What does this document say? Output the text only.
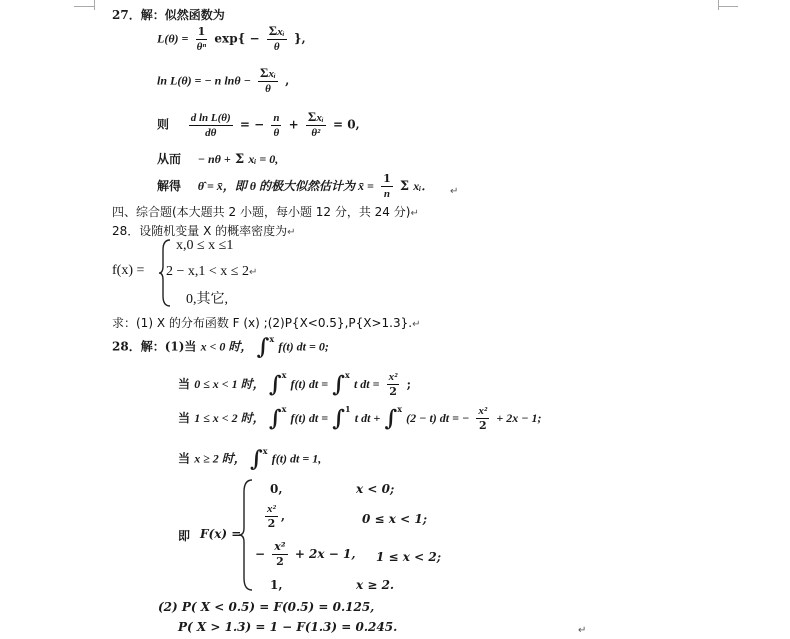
27．解：似然函数为
$L(\theta) = \frac{1}{\text{θⁿ}} \exp\{ - \frac{\text{Σxᵢ}}{\theta}$ },
ln L(θ) = − n $\ln\theta - \frac{\text{Σxᵢ}}{\theta}$ ,
则 $\frac{\text{d ln L(θ)}}{d\theta}$ = − $\frac{n}{\theta} + \frac{\text{Σxᵢ}}{\text{θ²}} = 0$,
从而 − nθ + Σ xᵢ = 0,
解得 θ̂ = x̄，即 θ 的极大似然估计为 x̄ = $\frac{1}{n}$ Σ xᵢ． ↵
四、综合题(本大题共 2 小题，每小题 12 分，共 24 分)↵
28．设随机变量 X 的概率密度为↵
f(x) =
x,0 ≤ x ≤1
2 − x,1 < x ≤ 2↵
0,其它,
求：(1) X 的分布函数 F (x) ;(2)P{X<0.5},P{X>1.3}.↵
28．解：(1)当 x < 0 时， ∫$^x$ f(t) dt = 0;
当 0 ≤ x < 1 时， ∫$^x$ f(t) dt = ∫$^x$ t dt = $\frac{\text{x²}}{2}$ ;
当 1 ≤ x < 2 时， ∫$^x$ f(t) dt = ∫$^1$ t dt + ∫$^x$ (2 − t) dt = − $\frac{\text{x²}}{2} + 2x - 1$;
当 x ≥ 2 时， ∫$^x$ f(t) dt = 1,
即 F(x) =
0,	x < 0;
$\frac{\text{x²}}{2}$ ,	0 ≤ x < 1;
− $\frac{\text{x²}}{2} + 2x - 1$, 1 ≤ x < 2;
1,	x ≥ 2.
(2) P( X < 0.5) = F(0.5) = 0.125,
P( X > 1.3) = 1 − F(1.3) = 0.245.	↵
